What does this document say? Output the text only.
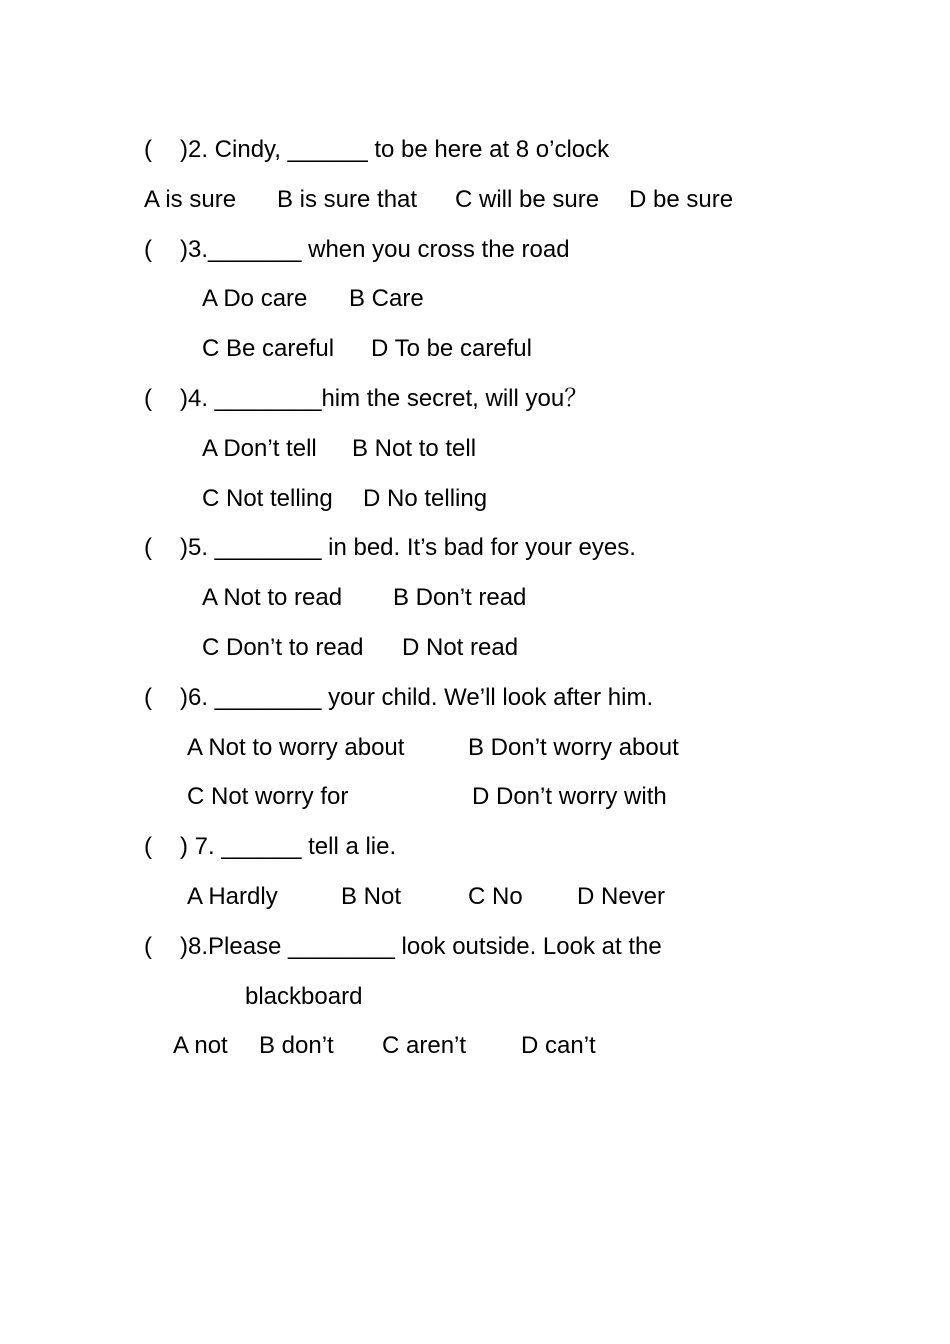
(

)2. Cindy, ______ to be here at 8 o’clock

A is sure

B is sure that

C will be sure

D be sure

(

)3._______ when you cross the road

A Do care

B Care

C Be careful

D To be careful

(

)4. ________him the secret, will you？

A Don’t tell

B Not to tell

C Not telling

D No telling

(

)5. ________ in bed. It’s bad for your eyes.

A Not to read

B Don’t read

C Don’t to read

D Not read

(

)6. ________ your child. We’ll look after him.

A Not to worry about

	B Don’t worry about

C Not worry for

	D Don’t worry with

(

) 7. ______ tell a lie.

A Hardly

	B Not

	C No

D Never

(

)8.Please ________ look outside. Look at the

blackboard

A not

B don’t

C aren’t

D can’t
